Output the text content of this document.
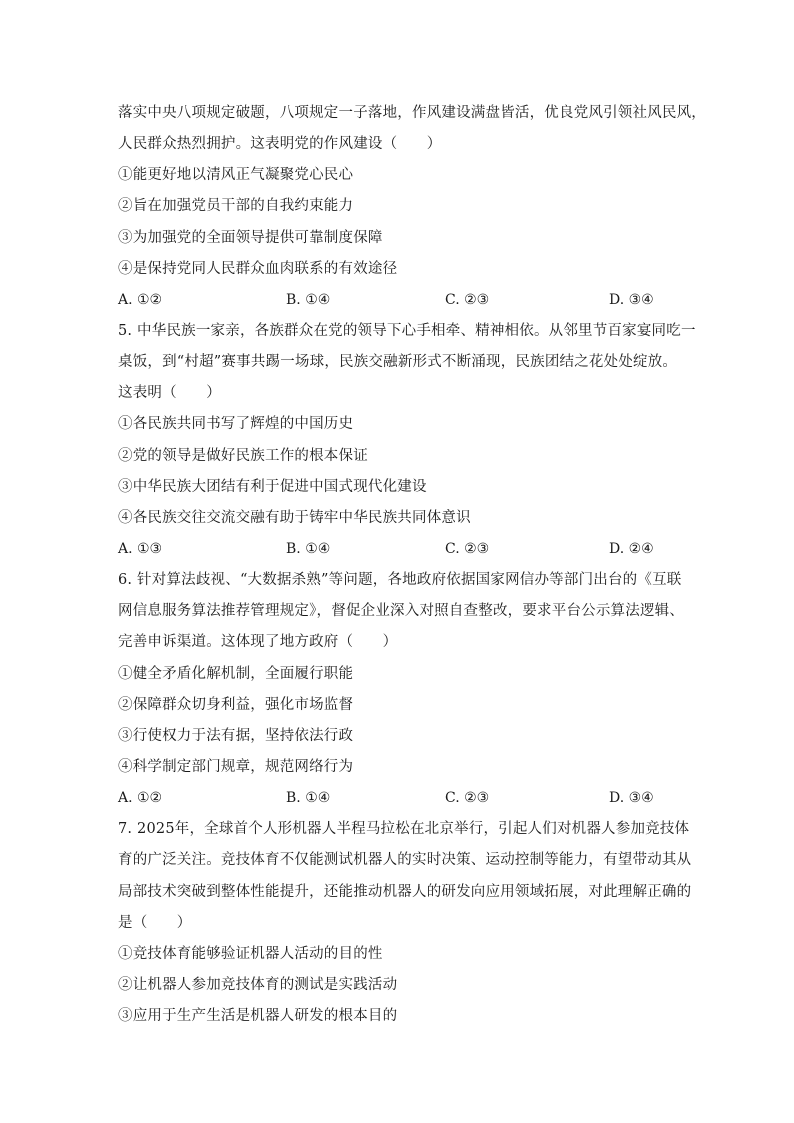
落实中央八项规定破题，八项规定一子落地，作风建设满盘皆活，优良党风引领社风民风，
人民群众热烈拥护。这表明党的作风建设（　　）
①能更好地以清风正气凝聚党心民心
②旨在加强党员干部的自我约束能力
③为加强党的全面领导提供可靠制度保障
④是保持党同人民群众血肉联系的有效途径
A. ①②	B. ①④	C. ②③	D. ③④
5. 中华民族一家亲，各族群众在党的领导下心手相牵、精神相依。从邻里节百家宴同吃一
桌饭，到“村超”赛事共踢一场球，民族交融新形式不断涌现，民族团结之花处处绽放。
这表明（　　）
①各民族共同书写了辉煌的中国历史
②党的领导是做好民族工作的根本保证
③中华民族大团结有利于促进中国式现代化建设
④各民族交往交流交融有助于铸牢中华民族共同体意识
A. ①③	B. ①④	C. ②③	D. ②④
6. 针对算法歧视、“大数据杀熟”等问题，各地政府依据国家网信办等部门出台的《互联
网信息服务算法推荐管理规定》，督促企业深入对照自查整改，要求平台公示算法逻辑、
完善申诉渠道。这体现了地方政府（　　）
①健全矛盾化解机制，全面履行职能
②保障群众切身利益，强化市场监督
③行使权力于法有据，坚持依法行政
④科学制定部门规章，规范网络行为
A. ①②	B. ①④	C. ②③	D. ③④
7. 2025年，全球首个人形机器人半程马拉松在北京举行，引起人们对机器人参加竞技体
育的广泛关注。竞技体育不仅能测试机器人的实时决策、运动控制等能力，有望带动其从
局部技术突破到整体性能提升，还能推动机器人的研发向应用领域拓展，对此理解正确的
是（　　）
①竞技体育能够验证机器人活动的目的性
②让机器人参加竞技体育的测试是实践活动
③应用于生产生活是机器人研发的根本目的
